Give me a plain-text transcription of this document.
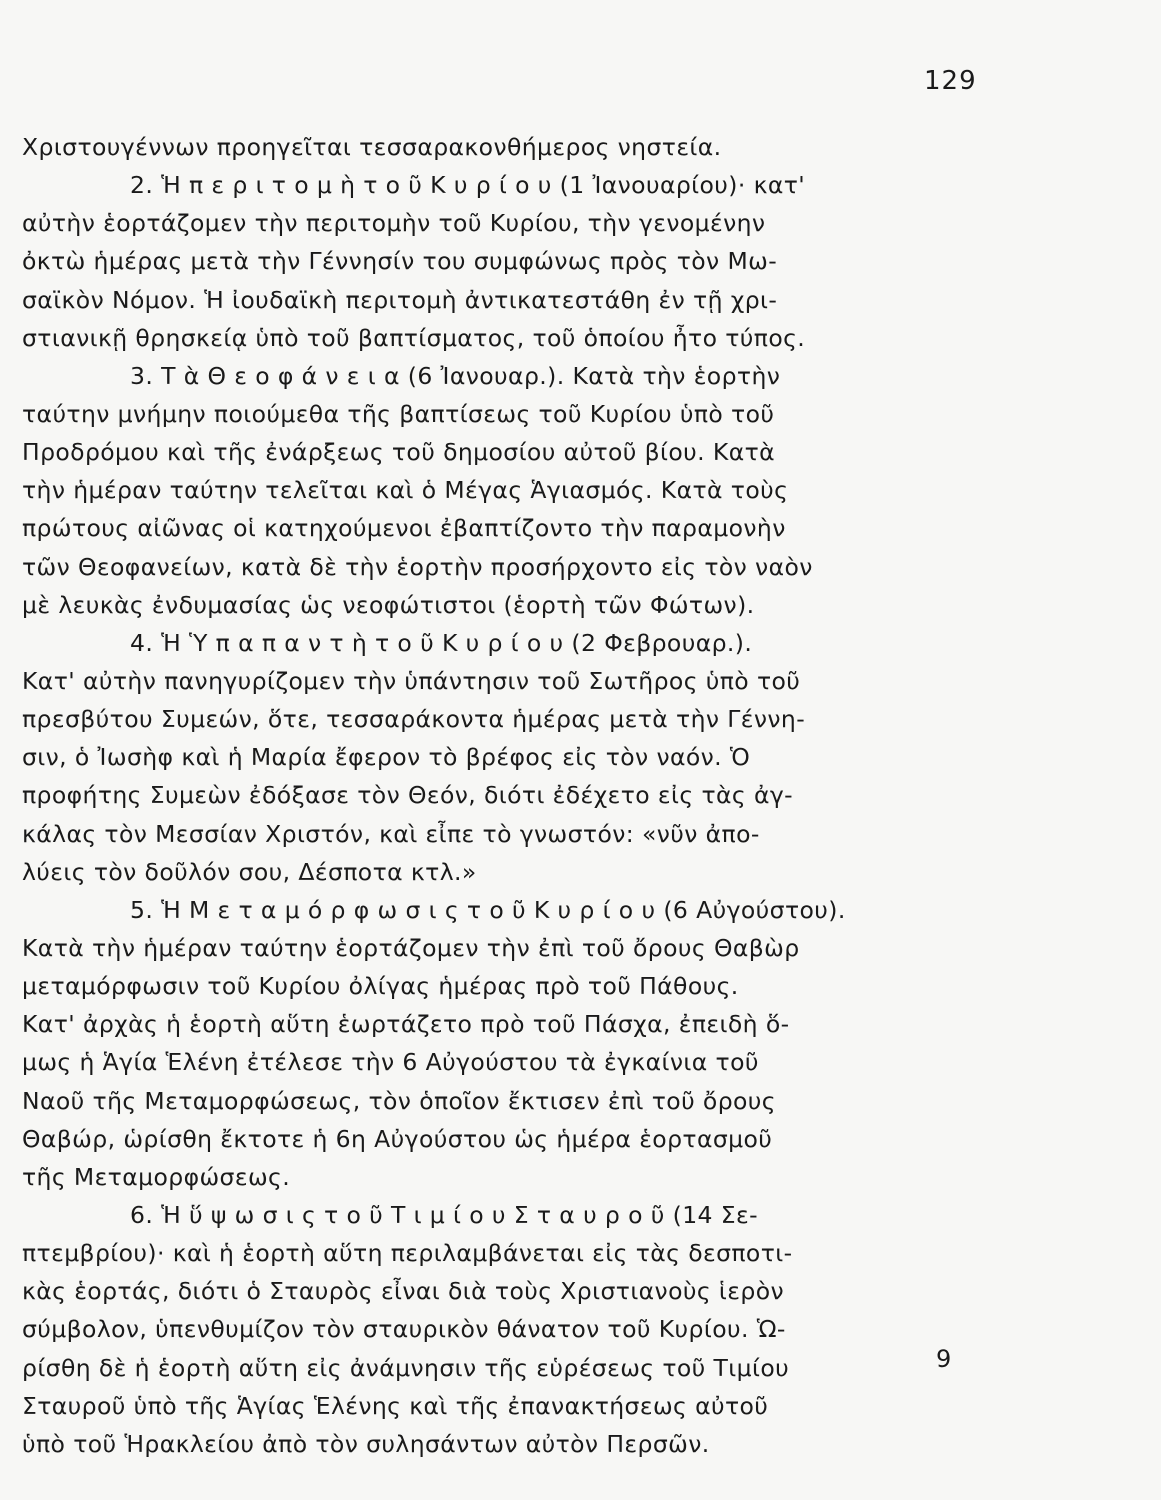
129
Χριστουγέννων προηγεῖται τεσσαρακονθήμερος νηστεία.
2. Ἡ π ε ρ ι τ ο μ ὴ τ ο ῦ Κ υ ρ ί ο υ (1 Ἰανουαρίου)· κατ'
αὐτὴν ἑορτάζομεν τὴν περιτομὴν τοῦ Κυρίου, τὴν γενομένην
ὀκτὼ ἡμέρας μετὰ τὴν Γέννησίν του συμφώνως πρὸς τὸν Μω-
σαϊκὸν Νόμον. Ἡ ἰουδαϊκὴ περιτομὴ ἀντικατεστάθη ἐν τῇ χρι-
στιανικῇ θρησκείᾳ ὑπὸ τοῦ βαπτίσματος, τοῦ ὁποίου ἦτο τύπος.
3. Τ ὰ Θ ε ο φ ά ν ε ι α (6 Ἰανουαρ.). Κατὰ τὴν ἑορτὴν
ταύτην μνήμην ποιούμεθα τῆς βαπτίσεως τοῦ Κυρίου ὑπὸ τοῦ
Προδρόμου καὶ τῆς ἐνάρξεως τοῦ δημοσίου αὐτοῦ βίου. Κατὰ
τὴν ἡμέραν ταύτην τελεῖται καὶ ὁ Μέγας Ἁγιασμός. Κατὰ τοὺς
πρώτους αἰῶνας οἱ κατηχούμενοι ἐβαπτίζοντο τὴν παραμονὴν
τῶν Θεοφανείων, κατὰ δὲ τὴν ἑορτὴν προσήρχοντο εἰς τὸν ναὸν
μὲ λευκὰς ἐνδυμασίας ὡς νεοφώτιστοι (ἑορτὴ τῶν Φώτων).
4. Ἡ Ὑ π α π α ν τ ὴ τ ο ῦ Κ υ ρ ί ο υ (2 Φεβρουαρ.).
Κατ' αὐτὴν πανηγυρίζομεν τὴν ὑπάντησιν τοῦ Σωτῆρος ὑπὸ τοῦ
πρεσβύτου Συμεών, ὅτε, τεσσαράκοντα ἡμέρας μετὰ τὴν Γέννη-
σιν, ὁ Ἰωσὴφ καὶ ἡ Μαρία ἔφερον τὸ βρέφος εἰς τὸν ναόν. Ὁ
προφήτης Συμεὼν ἐδόξασε τὸν Θεόν, διότι ἐδέχετο εἰς τὰς ἀγ-
κάλας τὸν Μεσσίαν Χριστόν, καὶ εἶπε τὸ γνωστόν: «νῦν ἀπο-
λύεις τὸν δοῦλόν σου, Δέσποτα κτλ.»
5. Ἡ Μ ε τ α μ ό ρ φ ω σ ι ς τ ο ῦ Κ υ ρ ί ο υ (6 Αὐγούστου).
Κατὰ τὴν ἡμέραν ταύτην ἑορτάζομεν τὴν ἐπὶ τοῦ ὄρους Θαβὼρ
μεταμόρφωσιν τοῦ Κυρίου ὀλίγας ἡμέρας πρὸ τοῦ Πάθους.
Κατ' ἀρχὰς ἡ ἑορτὴ αὕτη ἑωρτάζετο πρὸ τοῦ Πάσχα, ἐπειδὴ ὅ-
μως ἡ Ἁγία Ἑλένη ἐτέλεσε τὴν 6 Αὐγούστου τὰ ἐγκαίνια τοῦ
Ναοῦ τῆς Μεταμορφώσεως, τὸν ὁποῖον ἔκτισεν ἐπὶ τοῦ ὄρους
Θαβώρ, ὡρίσθη ἔκτοτε ἡ 6η Αὐγούστου ὡς ἡμέρα ἑορτασμοῦ
τῆς Μεταμορφώσεως.
6. Ἡ ὕ ψ ω σ ι ς τ ο ῦ Τ ι μ ί ο υ Σ τ α υ ρ ο ῦ (14 Σε-
πτεμβρίου)· καὶ ἡ ἑορτὴ αὕτη περιλαμβάνεται εἰς τὰς δεσποτι-
κὰς ἑορτάς, διότι ὁ Σταυρὸς εἶναι διὰ τοὺς Χριστιανοὺς ἱερὸν
σύμβολον, ὑπενθυμίζον τὸν σταυρικὸν θάνατον τοῦ Κυρίου. Ὡ-
ρίσθη δὲ ἡ ἑορτὴ αὕτη εἰς ἀνάμνησιν τῆς εὑρέσεως τοῦ Τιμίου
Σταυροῦ ὑπὸ τῆς Ἁγίας Ἑλένης καὶ τῆς ἐπανακτήσεως αὐτοῦ
ὑπὸ τοῦ Ἡρακλείου ἀπὸ τὸν συλησάντων αὐτὸν Περσῶν.
9
